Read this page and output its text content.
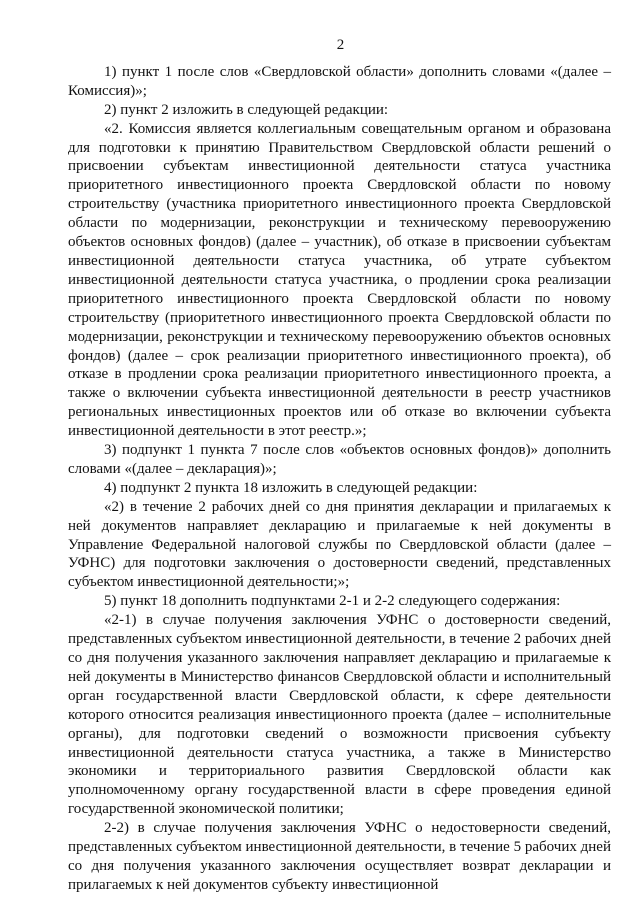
2

1) пункт 1 после слов «Свердловской области» дополнить словами «(далее – Комиссия)»;

2) пункт 2 изложить в следующей редакции:

«2. Комиссия является коллегиальным совещательным органом и образована для подготовки к принятию Правительством Свердловской области решений о присвоении субъектам инвестиционной деятельности статуса участника приоритетного инвестиционного проекта Свердловской области по новому строительству (участника приоритетного инвестиционного проекта Свердловской области по модернизации, реконструкции и техническому перевооружению объектов основных фондов) (далее – участник), об отказе в присвоении субъектам инвестиционной деятельности статуса участника, об утрате субъектом инвестиционной деятельности статуса участника, о продлении срока реализации приоритетного инвестиционного проекта Свердловской области по новому строительству (приоритетного инвестиционного проекта Свердловской области по модернизации, реконструкции и техническому перевооружению объектов основных фондов) (далее – срок реализации приоритетного инвестиционного проекта), об отказе в продлении срока реализации приоритетного инвестиционного проекта, а также о включении субъекта инвестиционной деятельности в реестр участников региональных инвестиционных проектов или об отказе во включении субъекта инвестиционной деятельности в этот реестр.»;

3) подпункт 1 пункта 7 после слов «объектов основных фондов)» дополнить словами «(далее – декларация)»;

4) подпункт 2 пункта 18 изложить в следующей редакции:

«2) в течение 2 рабочих дней со дня принятия декларации и прилагаемых к ней документов направляет декларацию и прилагаемые к ней документы в Управление Федеральной налоговой службы по Свердловской области (далее – УФНС) для подготовки заключения о достоверности сведений, представленных субъектом инвестиционной деятельности;»;

5) пункт 18 дополнить подпунктами 2-1 и 2-2 следующего содержания:

«2-1) в случае получения заключения УФНС о достоверности сведений, представленных субъектом инвестиционной деятельности, в течение 2 рабочих дней со дня получения указанного заключения направляет декларацию и прилагаемые к ней документы в Министерство финансов Свердловской области и исполнительный орган государственной власти Свердловской области, к сфере деятельности которого относится реализация инвестиционного проекта (далее – исполнительные органы), для подготовки сведений о возможности присвоения субъекту инвестиционной деятельности статуса участника, а также в Министерство экономики и территориального развития Свердловской области как уполномоченному органу государственной власти в сфере проведения единой государственной экономической политики;

2-2) в случае получения заключения УФНС о недостоверности сведений, представленных субъектом инвестиционной деятельности, в течение 5 рабочих дней со дня получения указанного заключения осуществляет возврат декларации и прилагаемых к ней документов субъекту инвестиционной
